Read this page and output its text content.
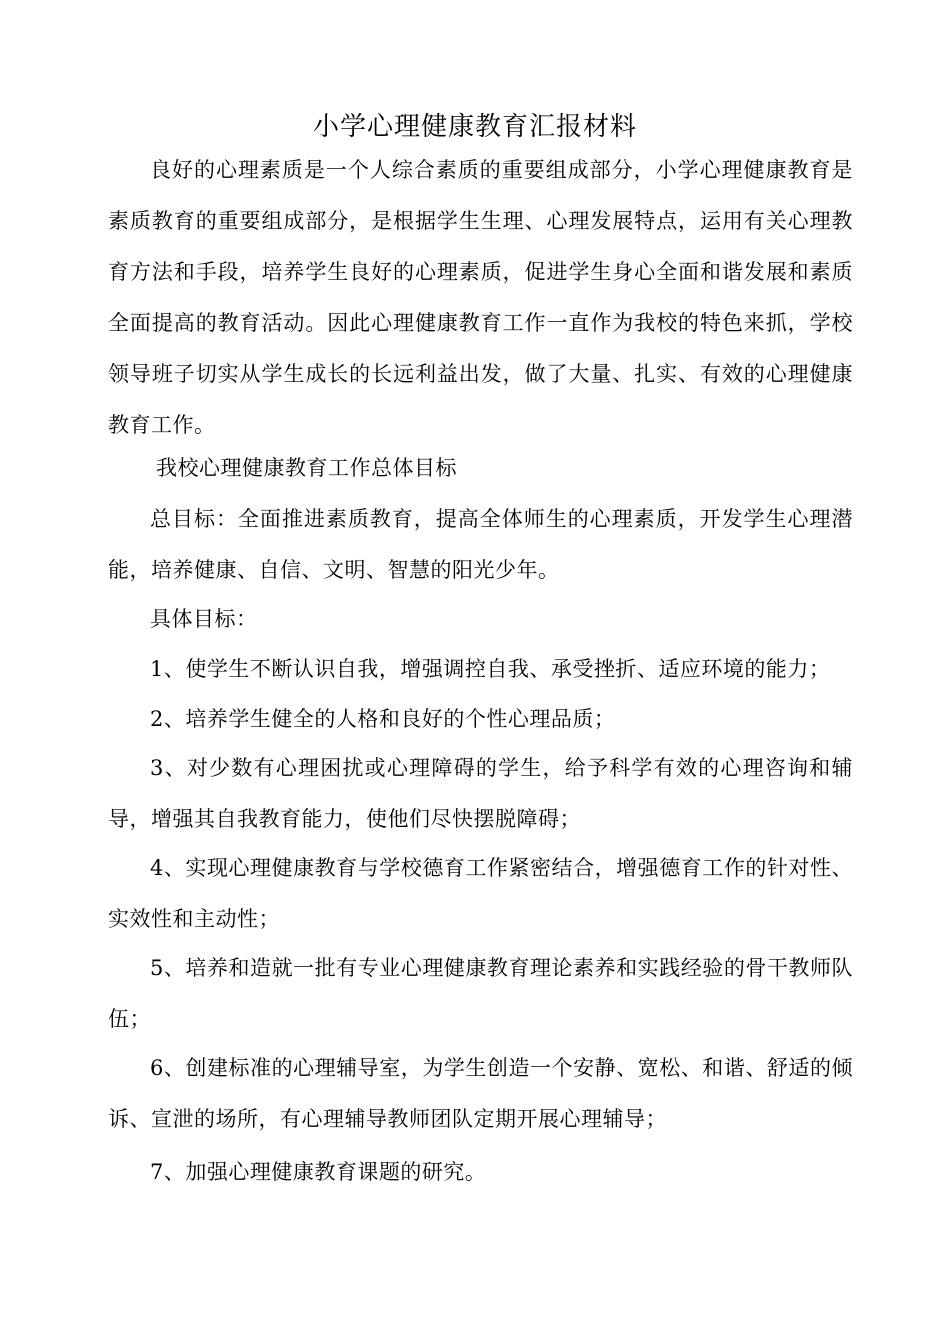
小学心理健康教育汇报材料

良好的心理素质是一个人综合素质的重要组成部分，小学心理健康教育是素质教育的重要组成部分，是根据学生生理、心理发展特点，运用有关心理教育方法和手段，培养学生良好的心理素质，促进学生身心全面和谐发展和素质全面提高的教育活动。因此心理健康教育工作一直作为我校的特色来抓，学校领导班子切实从学生成长的长远利益出发，做了大量、扎实、有效的心理健康教育工作。

我校心理健康教育工作总体目标

总目标：全面推进素质教育，提高全体师生的心理素质，开发学生心理潜能，培养健康、自信、文明、智慧的阳光少年。

具体目标：

1、使学生不断认识自我，增强调控自我、承受挫折、适应环境的能力；

2、培养学生健全的人格和良好的个性心理品质；

3、对少数有心理困扰或心理障碍的学生，给予科学有效的心理咨询和辅导，增强其自我教育能力，使他们尽快摆脱障碍；

4、实现心理健康教育与学校德育工作紧密结合，增强德育工作的针对性、实效性和主动性；

5、培养和造就一批有专业心理健康教育理论素养和实践经验的骨干教师队伍；

6、创建标准的心理辅导室，为学生创造一个安静、宽松、和谐、舒适的倾诉、宣泄的场所，有心理辅导教师团队定期开展心理辅导；

7、加强心理健康教育课题的研究。
